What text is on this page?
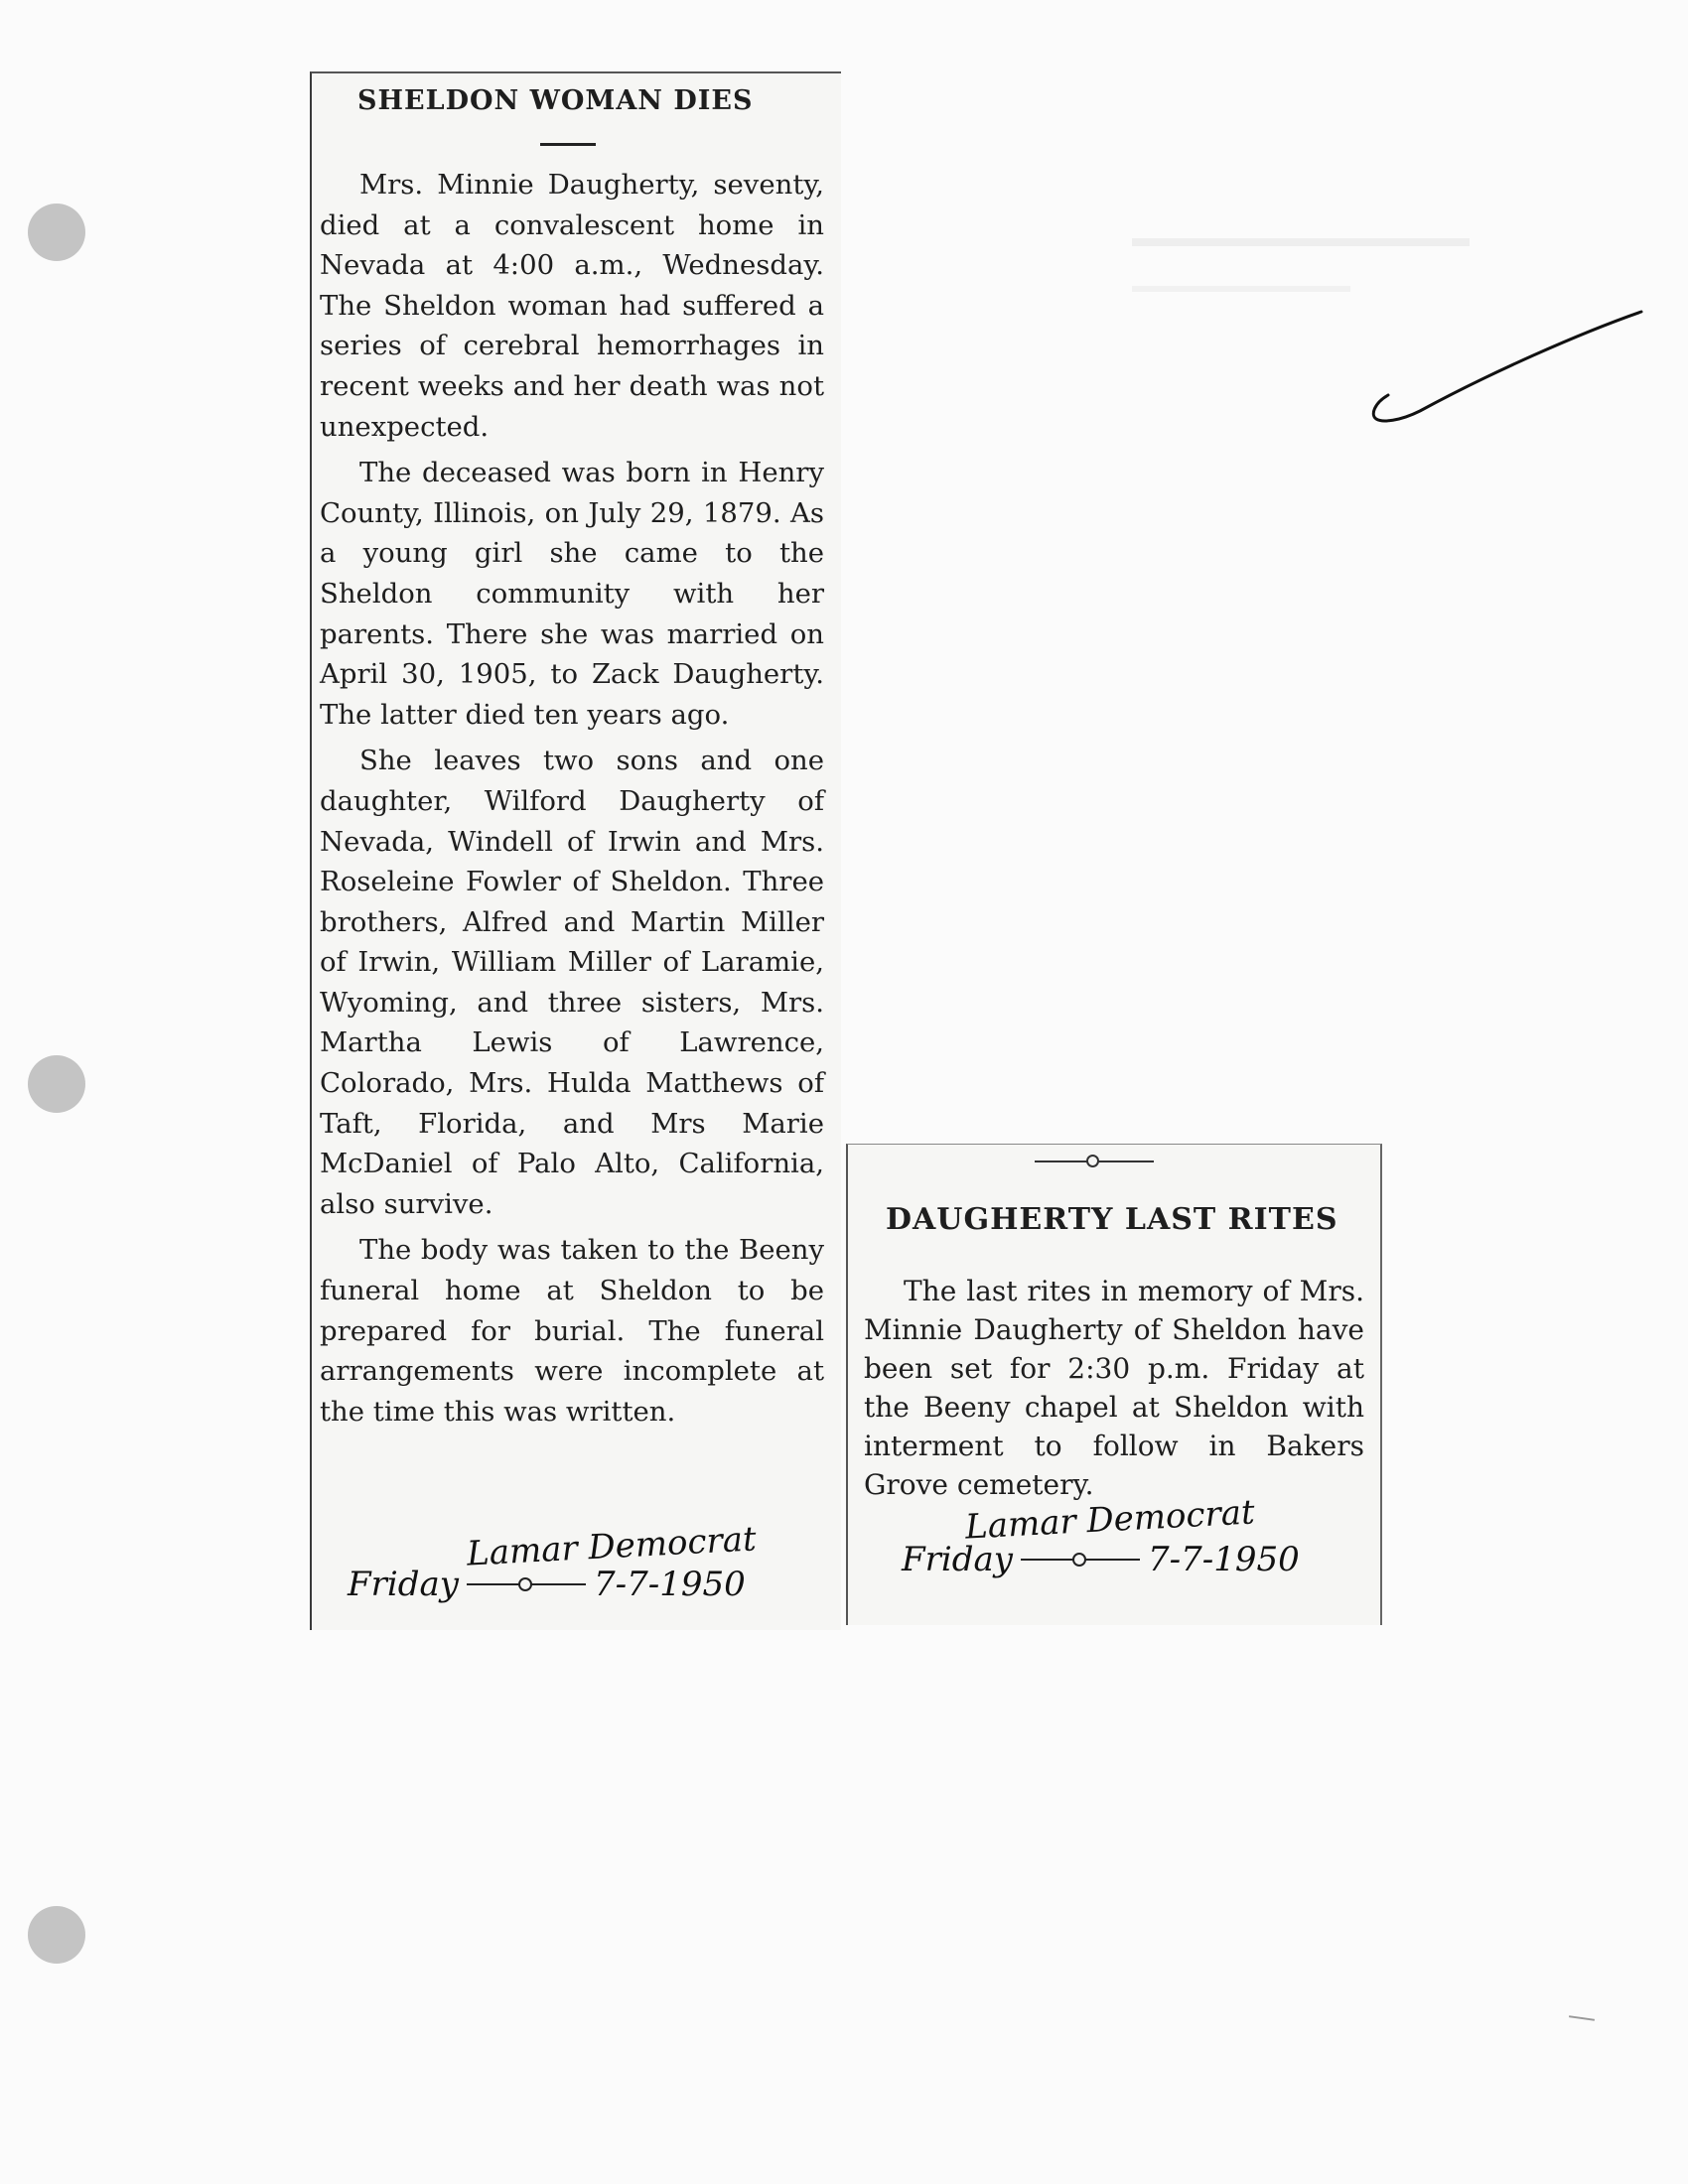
SHELDON WOMAN DIES

Mrs. Minnie Daugherty, seventy, died at a convalescent home in Nevada at 4:00 a.m., Wednesday. The Sheldon woman had suffered a series of cerebral hemorrhages in recent weeks and her death was not unexpected.

The deceased was born in Henry County, Illinois, on July 29, 1879. As a young girl she came to the Sheldon community with her parents. There she was married on April 30, 1905, to Zack Daugherty. The latter died ten years ago.

She leaves two sons and one daughter, Wilford Daugherty of Nevada, Windell of Irwin and Mrs. Roseleine Fowler of Sheldon. Three brothers, Alfred and Martin Miller of Irwin, William Miller of Laramie, Wyoming, and three sisters, Mrs. Martha Lewis of Lawrence, Colorado, Mrs. Hulda Matthews of Taft, Florida, and Mrs Marie McDaniel of Palo Alto, California, also survive.

The body was taken to the Beeny funeral home at Sheldon to be prepared for burial. The funeral arrangements were incomplete at the time this was written.

Lamar Democrat
Friday	7-7-1950
DAUGHERTY LAST RITES

The last rites in memory of Mrs. Minnie Daugherty of Sheldon have been set for 2:30 p.m. Friday at the Beeny chapel at Sheldon with interment to follow in Bakers Grove cemetery.

Lamar Democrat
Friday	7-7-1950
